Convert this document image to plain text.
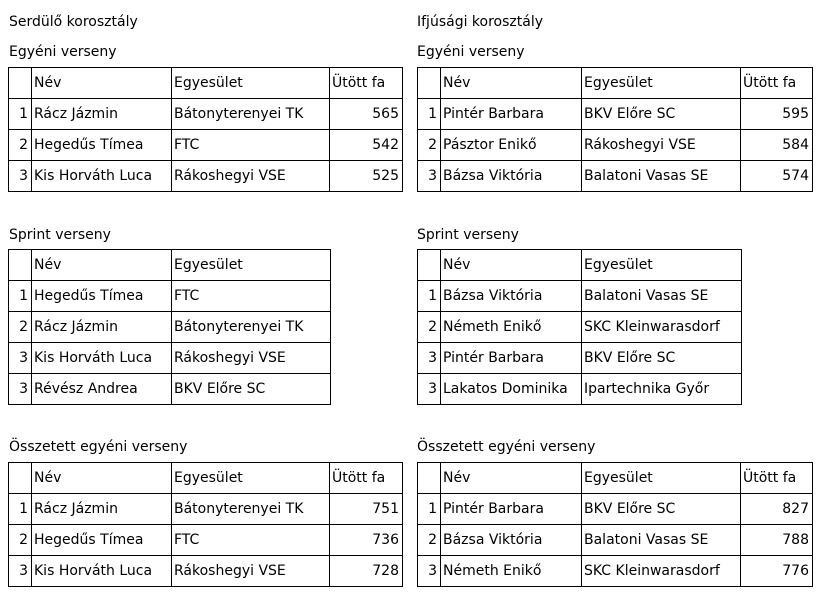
Serdülő korosztály
Egyéni verseny
	Név	Egyesület	Ütött fa
1	Rácz Jázmin	Bátonyterenyei TK	565
2	Hegedűs Tímea	FTC	542
3	Kis Horváth Luca	Rákoshegyi VSE	525
Sprint verseny
	Név	Egyesület
1	Hegedűs Tímea	FTC
2	Rácz Jázmin	Bátonyterenyei TK
3	Kis Horváth Luca	Rákoshegyi VSE
3	Révész Andrea	BKV Előre SC
Összetett egyéni verseny
	Név	Egyesület	Ütött fa
1	Rácz Jázmin	Bátonyterenyei TK	751
2	Hegedűs Tímea	FTC	736
3	Kis Horváth Luca	Rákoshegyi VSE	728
Ifjúsági korosztály
Egyéni verseny
	Név	Egyesület	Ütött fa
1	Pintér Barbara	BKV Előre SC	595
2	Pásztor Enikő	Rákoshegyi VSE	584
3	Bázsa Viktória	Balatoni Vasas SE	574
Sprint verseny
	Név	Egyesület
1	Bázsa Viktória	Balatoni Vasas SE
2	Németh Enikő	SKC Kleinwarasdorf
3	Pintér Barbara	BKV Előre SC
3	Lakatos Dominika	Ipartechnika Győr
Összetett egyéni verseny
	Név	Egyesület	Ütött fa
1	Pintér Barbara	BKV Előre SC	827
2	Bázsa Viktória	Balatoni Vasas SE	788
3	Németh Enikő	SKC Kleinwarasdorf	776
